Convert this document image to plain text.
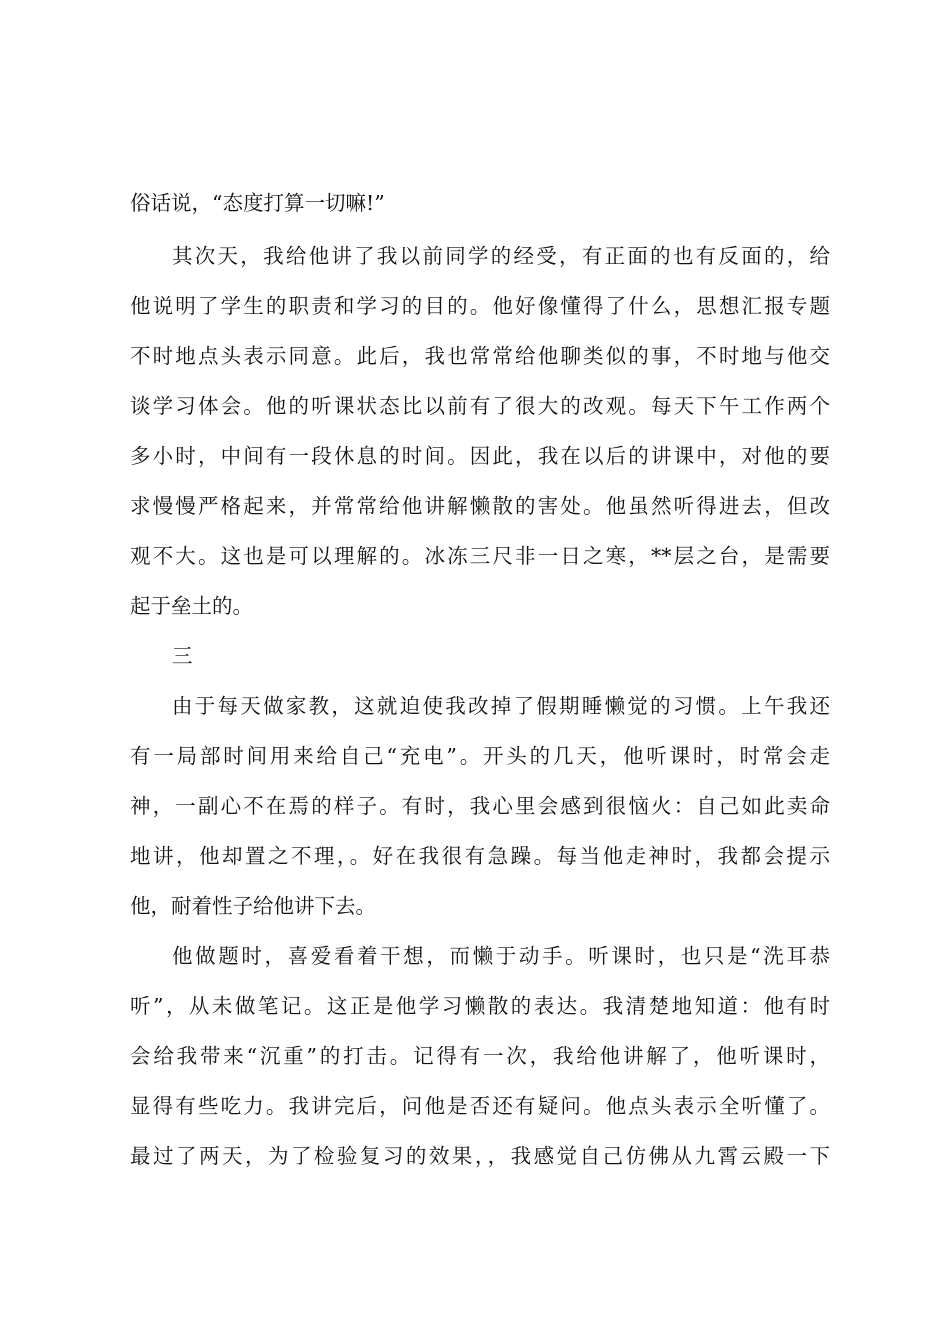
俗话说，“态度打算一切嘛!”
其次天，我给他讲了我以前同学的经受，有正面的也有反面的，给
他说明了学生的职责和学习的目的。他好像懂得了什么，思想汇报专题
不时地点头表示同意。此后，我也常常给他聊类似的事，不时地与他交
谈学习体会。他的听课状态比以前有了很大的改观。每天下午工作两个
多小时，中间有一段休息的时间。因此，我在以后的讲课中，对他的要
求慢慢严格起来，并常常给他讲解懒散的害处。他虽然听得进去，但改
观不大。这也是可以理解的。冰冻三尺非一日之寒，**层之台，是需要
起于垒土的。
三
由于每天做家教，这就迫使我改掉了假期睡懒觉的习惯。上午我还
有一局部时间用来给自己“充电”。开头的几天，他听课时，时常会走
神，一副心不在焉的样子。有时，我心里会感到很恼火：自己如此卖命
地讲，他却置之不理，。好在我很有急躁。每当他走神时，我都会提示
他，耐着性子给他讲下去。
他做题时，喜爱看着干想，而懒于动手。听课时，也只是“洗耳恭
听”，从未做笔记。这正是他学习懒散的表达。我清楚地知道：他有时
会给我带来“沉重”的打击。记得有一次，我给他讲解了，他听课时，
显得有些吃力。我讲完后，问他是否还有疑问。他点头表示全听懂了。
最过了两天，为了检验复习的效果，，我感觉自己仿佛从九霄云殿一下
